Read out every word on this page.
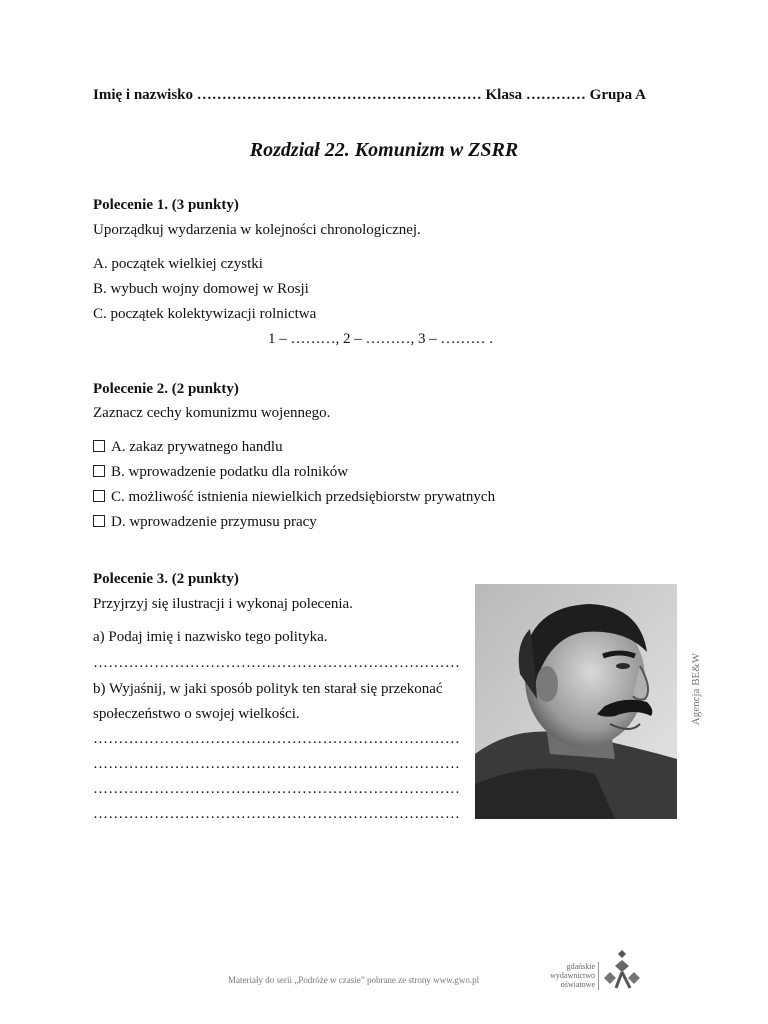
Imię i nazwisko ………………………………………………… Klasa ………… Grupa A
Rozdział 22. Komunizm w ZSRR
Polecenie 1. (3 punkty)
Uporządkuj wydarzenia w kolejności chronologicznej.
A. początek wielkiej czystki
B. wybuch wojny domowej w Rosji
C. początek kolektywizacji rolnictwa
1 – ………, 2 – ………, 3 – ……… .
Polecenie 2. (2 punkty)
Zaznacz cechy komunizmu wojennego.
A. zakaz prywatnego handlu
B. wprowadzenie podatku dla rolników
C. możliwość istnienia niewielkich przedsiębiorstw prywatnych
D. wprowadzenie przymusu pracy
Polecenie 3. (2 punkty)
Przyjrzyj się ilustracji i wykonaj polecenia.
a) Podaj imię i nazwisko tego polityka.
………………………………………………………………
b) Wyjaśnij, w jaki sposób polityk ten starał się przekonać
społeczeństwo o swojej wielkości.
………………………………………………………………
………………………………………………………………
………………………………………………………………
………………………………………………………………
Agencja BE&W
Materiały do serii „Podróże w czasie” pobrane ze strony www.gwo.pl
gdańskie
wydawnictwo
oświatowe
